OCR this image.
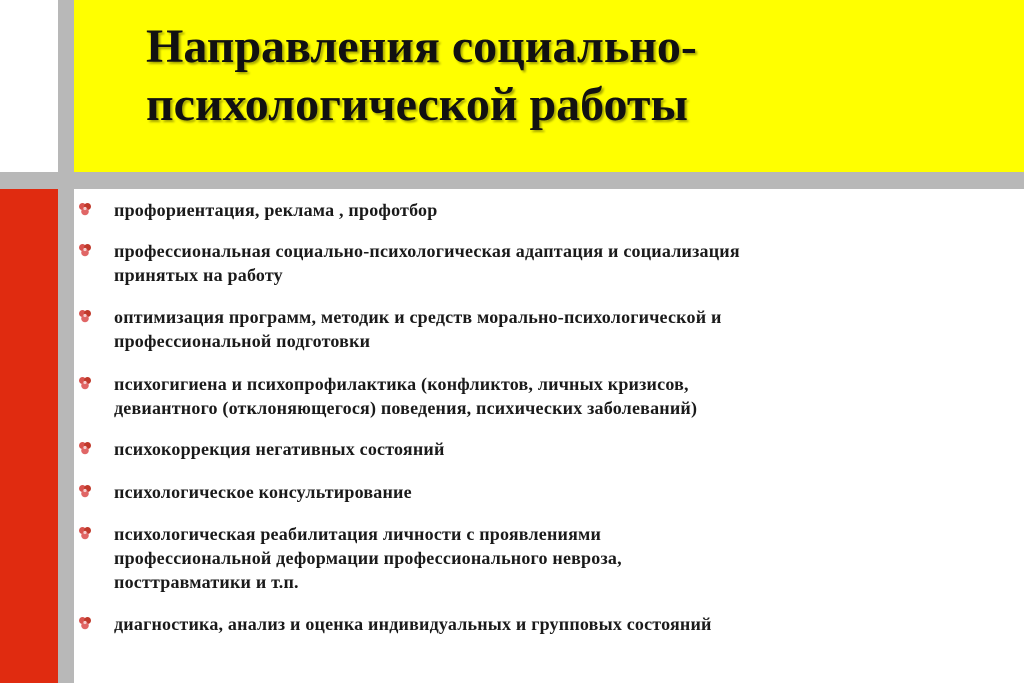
Направления социально-
психологической работы
профориентация, реклама , профотбор
профессиональная социально-психологическая адаптация и социализация
принятых на работу
оптимизация программ, методик и средств морально-психологической и
профессиональной подготовки
психогигиена и психопрофилактика (конфликтов, личных кризисов,
девиантного (отклоняющегося) поведения, психических заболеваний)
психокоррекция негативных состояний
психологическое консультирование
психологическая реабилитация личности с проявлениями
профессиональной деформации профессионального невроза,
посттравматики и т.п.
диагностика, анализ и оценка индивидуальных и групповых состояний
